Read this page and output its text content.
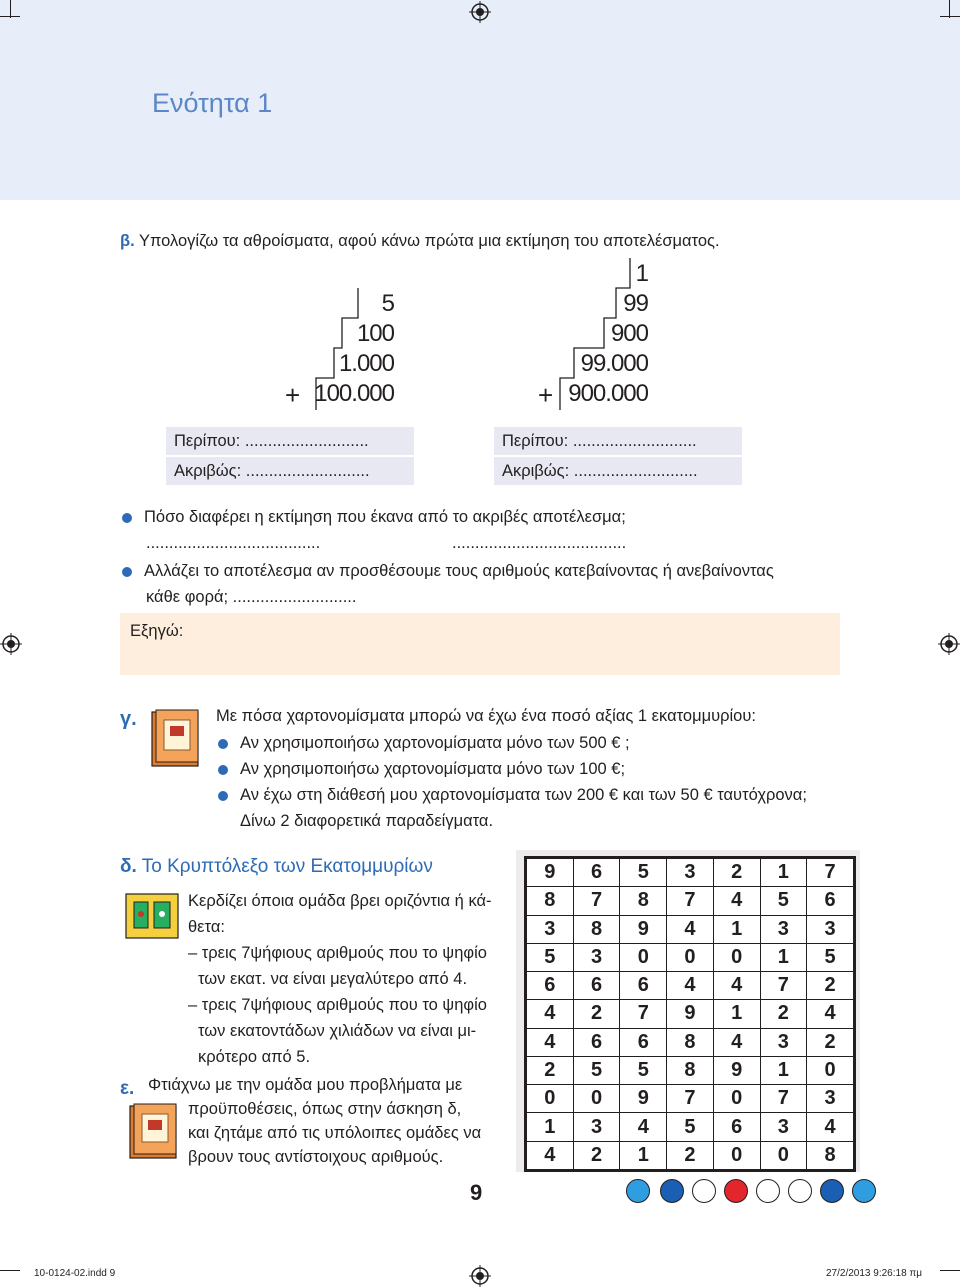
Ενότητα 1
β. Υπολογίζω τα αθροίσματα, αφού κάνω πρώτα μια εκτίμηση του αποτελέσματος.
5
100
1.000
100.000
+
1
99
900
99.000
900.000
+
Περίπου: ...........................
Ακριβώς: ...........................
Περίπου: ...........................
Ακριβώς: ...........................
Πόσο διαφέρει η εκτίμηση που έκανα από το ακριβές αποτέλεσμα;
......................................	......................................
Αλλάζει το αποτέλεσμα αν προσθέσουμε τους αριθμούς κατεβαίνοντας ή ανεβαίνοντας
κάθε φορά; ...........................
Εξηγώ:
γ.	Με πόσα χαρτονομίσματα μπορώ να έχω ένα ποσό αξίας 1 εκατομμυρίου:
Αν χρησιμοποιήσω χαρτονομίσματα μόνο των 500 € ;
Αν χρησιμοποιήσω χαρτονομίσματα μόνο των 100 €;
Αν έχω στη διάθεσή μου χαρτονομίσματα των 200 € και των 50 € ταυτόχρονα;
Δίνω 2 διαφορετικά παραδείγματα.
δ. Το Κρυπτόλεξο των Εκατομμυρίων
Κερδίζει όποια ομάδα βρει οριζόντια ή κά-
θετα:
– τρεις 7ψήφιους αριθμούς που το ψηφίο
των εκατ. να είναι μεγαλύτερο από 4.
– τρεις 7ψήφιους αριθμούς που το ψηφίο
των εκατοντάδων χιλιάδων να είναι μι-
κρότερο από 5.
9	6	5	3	2	1	7
8	7	8	7	4	5	6
3	8	9	4	1	3	3
5	3	0	0	0	1	5
6	6	6	4	4	7	2
4	2	7	9	1	2	4
4	6	6	8	4	3	2
2	5	5	8	9	1	0
0	0	9	7	0	7	3
1	3	4	5	6	3	4
4	2	1	2	0	0	8
ε. Φτιάχνω με την ομάδα μου προβλήματα με
προϋποθέσεις, όπως στην άσκηση δ,
και ζητάμε από τις υπόλοιπες ομάδες να
βρουν τους αντίστοιχους αριθμούς.
9
10-0124-02.indd 9	27/2/2013 9:26:18 πμ
